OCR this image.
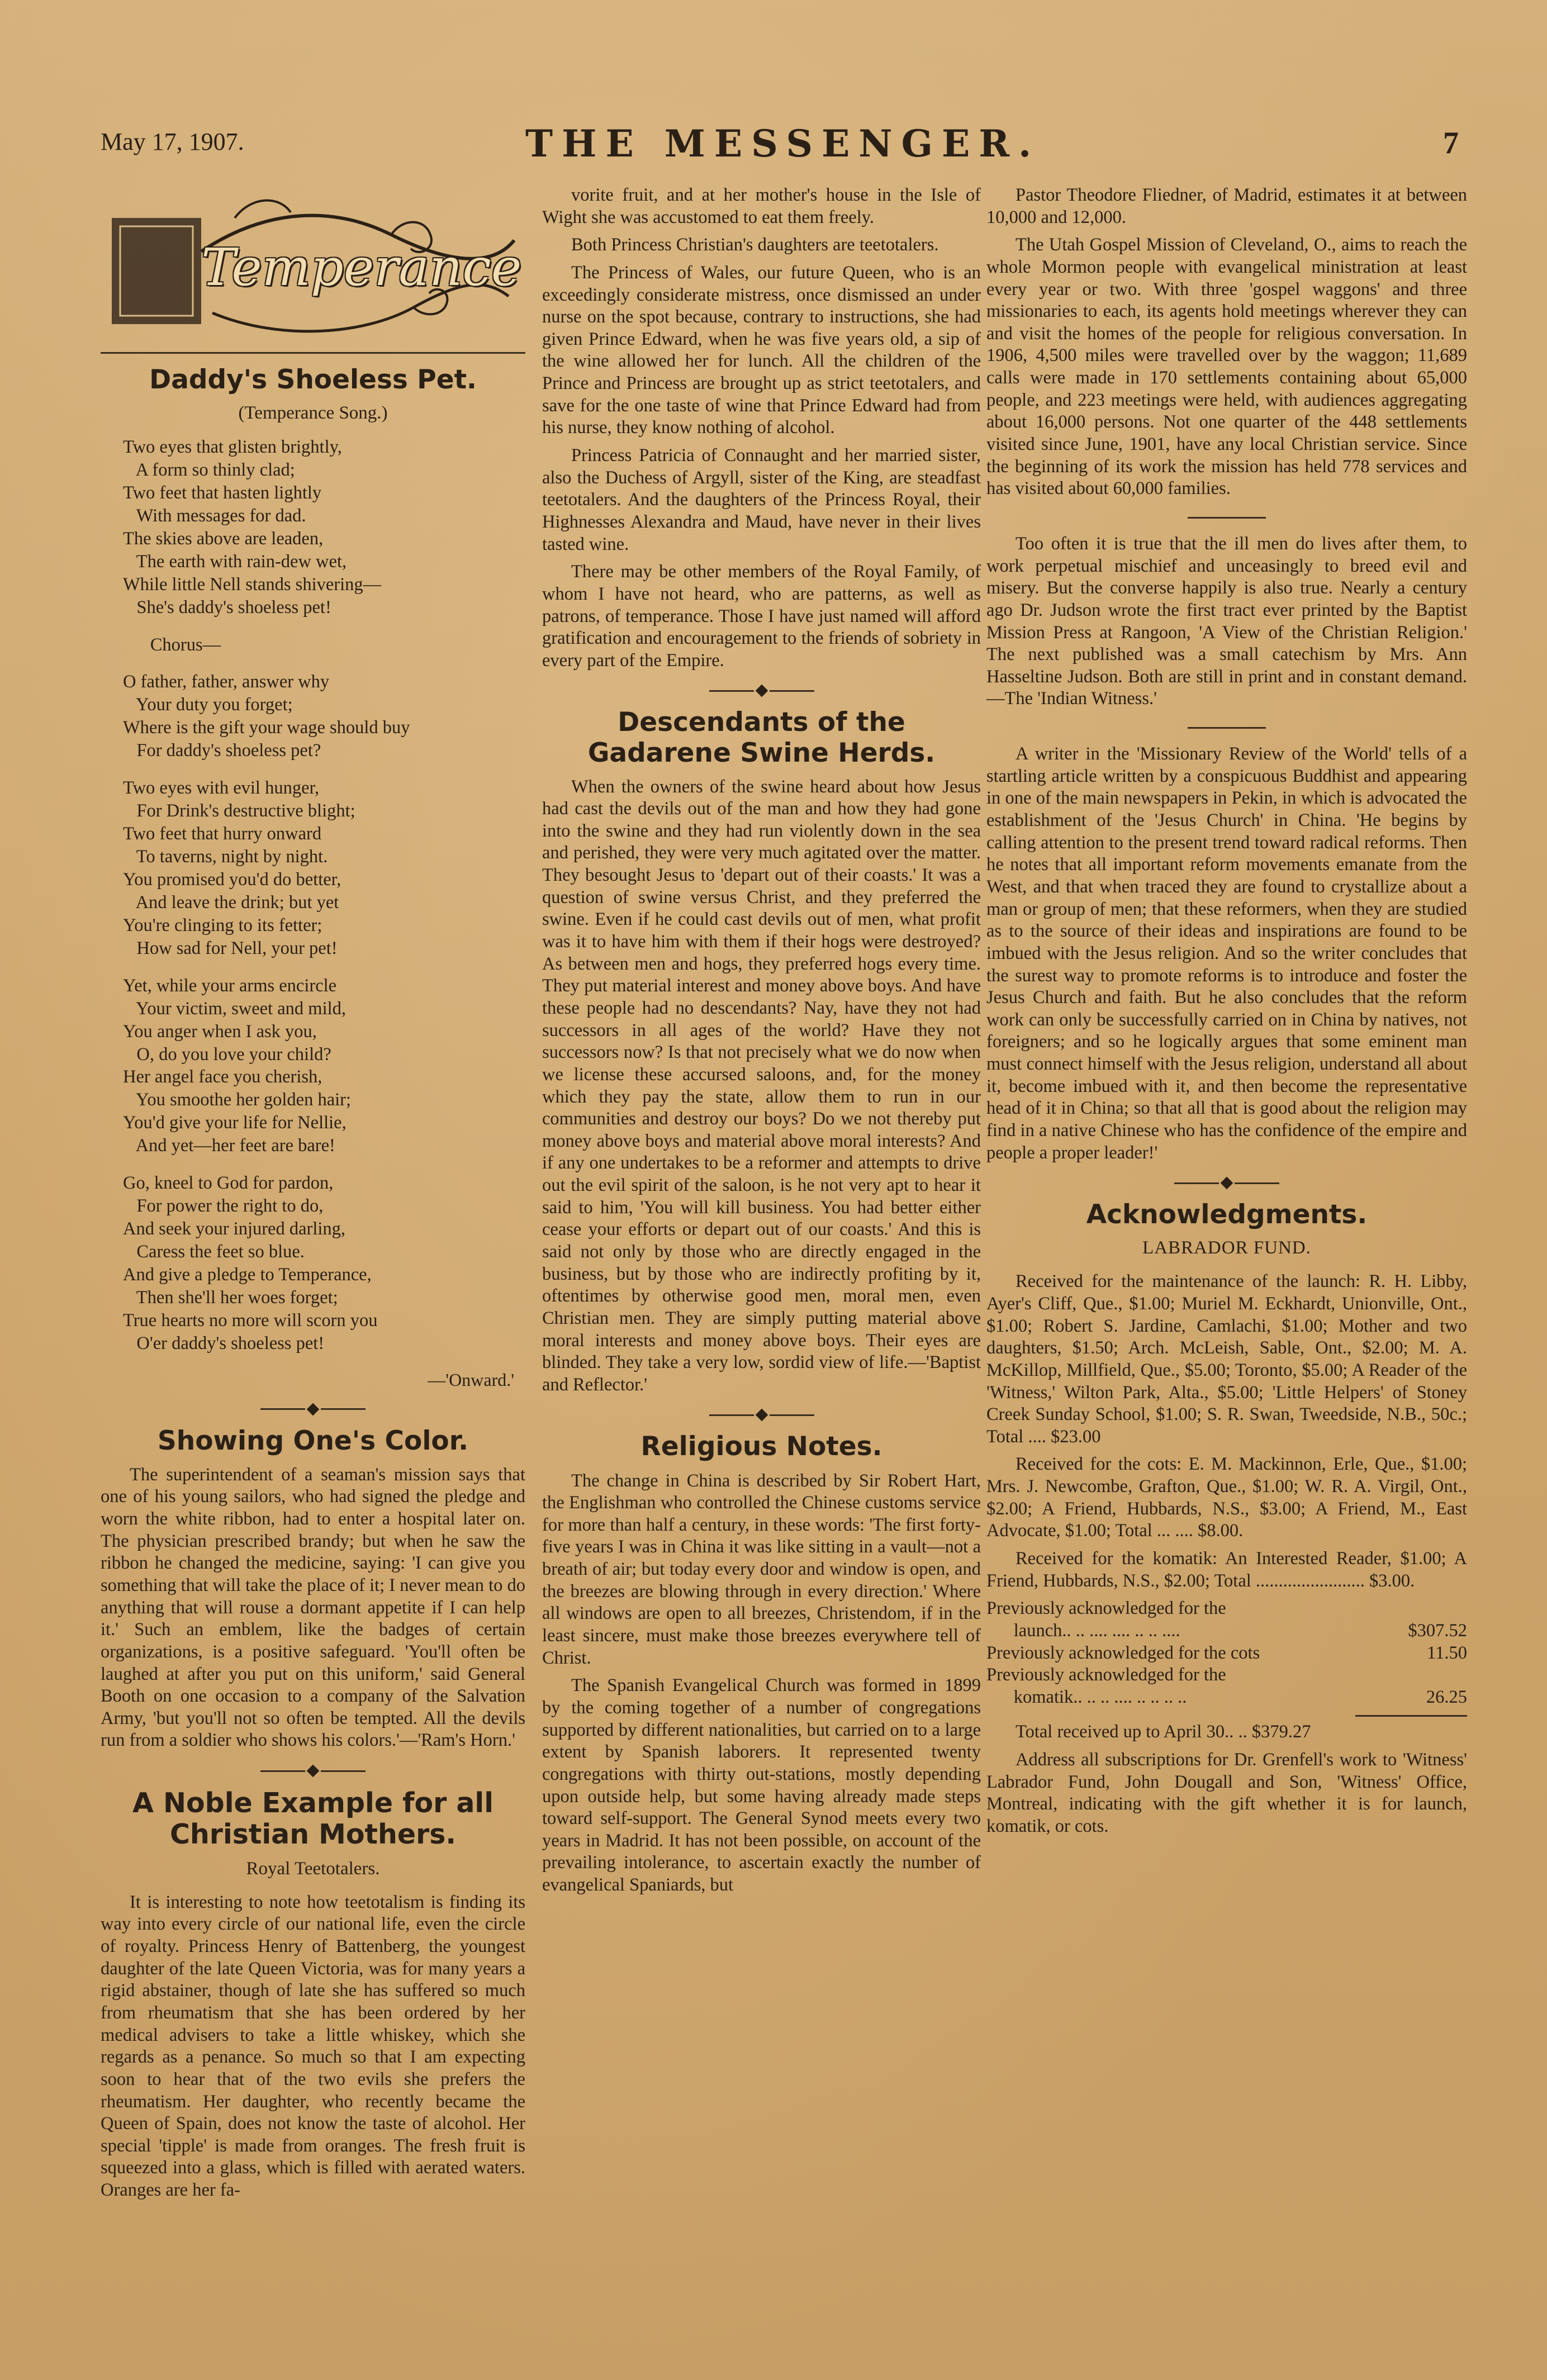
May 17, 1907.	THE MESSENGER.	7
Temperance
Daddy's Shoeless Pet.
(Temperance Song.)
Two eyes that glisten brightly,
A form so thinly clad;
Two feet that hasten lightly
With messages for dad.
The skies above are leaden,
The earth with rain-dew wet,
While little Nell stands shivering—
She's daddy's shoeless pet!
Chorus—
O father, father, answer why
Your duty you forget;
Where is the gift your wage should buy
For daddy's shoeless pet?
Two eyes with evil hunger,
For Drink's destructive blight;
Two feet that hurry onward
To taverns, night by night.
You promised you'd do better,
And leave the drink; but yet
You're clinging to its fetter;
How sad for Nell, your pet!
Yet, while your arms encircle
Your victim, sweet and mild,
You anger when I ask you,
O, do you love your child?
Her angel face you cherish,
You smoothe her golden hair;
You'd give your life for Nellie,
And yet—her feet are bare!
Go, kneel to God for pardon,
For power the right to do,
And seek your injured darling,
Caress the feet so blue.
And give a pledge to Temperance,
Then she'll her woes forget;
True hearts no more will scorn you
O'er daddy's shoeless pet!
—'Onward.'
Showing One's Color.

The superintendent of a seaman's mission says that one of his young sailors, who had signed the pledge and worn the white ribbon, had to enter a hospital later on. The physician prescribed brandy; but when he saw the ribbon he changed the medicine, saying: 'I can give you something that will take the place of it; I never mean to do anything that will rouse a dormant appetite if I can help it.' Such an emblem, like the badges of certain organizations, is a positive safeguard. 'You'll often be laughed at after you put on this uniform,' said General Booth on one occasion to a company of the Salvation Army, 'but you'll not so often be tempted. All the devils run from a soldier who shows his colors.'—'Ram's Horn.'

A Noble Example for all Christian Mothers.
Royal Teetotalers.

It is interesting to note how teetotalism is finding its way into every circle of our national life, even the circle of royalty. Princess Henry of Battenberg, the youngest daughter of the late Queen Victoria, was for many years a rigid abstainer, though of late she has suffered so much from rheumatism that she has been ordered by her medical advisers to take a little whiskey, which she regards as a penance. So much so that I am expecting soon to hear that of the two evils she prefers the rheumatism. Her daughter, who recently became the Queen of Spain, does not know the taste of alcohol. Her special 'tipple' is made from oranges. The fresh fruit is squeezed into a glass, which is filled with aerated waters. Oranges are her fa-

vorite fruit, and at her mother's house in the Isle of Wight she was accustomed to eat them freely.

Both Princess Christian's daughters are teetotalers.

The Princess of Wales, our future Queen, who is an exceedingly considerate mistress, once dismissed an under nurse on the spot because, contrary to instructions, she had given Prince Edward, when he was five years old, a sip of the wine allowed her for lunch. All the children of the Prince and Princess are brought up as strict teetotalers, and save for the one taste of wine that Prince Edward had from his nurse, they know nothing of alcohol.

Princess Patricia of Connaught and her married sister, also the Duchess of Argyll, sister of the King, are steadfast teetotalers. And the daughters of the Princess Royal, their Highnesses Alexandra and Maud, have never in their lives tasted wine.

There may be other members of the Royal Family, of whom I have not heard, who are patterns, as well as patrons, of temperance. Those I have just named will afford gratification and encouragement to the friends of sobriety in every part of the Empire.

Descendants of the Gadarene Swine Herds.

When the owners of the swine heard about how Jesus had cast the devils out of the man and how they had gone into the swine and they had run violently down in the sea and perished, they were very much agitated over the matter. They besought Jesus to 'depart out of their coasts.' It was a question of swine versus Christ, and they preferred the swine. Even if he could cast devils out of men, what profit was it to have him with them if their hogs were destroyed? As between men and hogs, they preferred hogs every time. They put material interest and money above boys. And have these people had no descendants? Nay, have they not had successors in all ages of the world? Have they not successors now? Is that not precisely what we do now when we license these accursed saloons, and, for the money which they pay the state, allow them to run in our communities and destroy our boys? Do we not thereby put money above boys and material above moral interests? And if any one undertakes to be a reformer and attempts to drive out the evil spirit of the saloon, is he not very apt to hear it said to him, 'You will kill business. You had better either cease your efforts or depart out of our coasts.' And this is said not only by those who are directly engaged in the business, but by those who are indirectly profiting by it, oftentimes by otherwise good men, moral men, even Christian men. They are simply putting material above moral interests and money above boys. Their eyes are blinded. They take a very low, sordid view of life.—'Baptist and Reflector.'

Religious Notes.

The change in China is described by Sir Robert Hart, the Englishman who controlled the Chinese customs service for more than half a century, in these words: 'The first forty-five years I was in China it was like sitting in a vault—not a breath of air; but today every door and window is open, and the breezes are blowing through in every direction.' Where all windows are open to all breezes, Christendom, if in the least sincere, must make those breezes everywhere tell of Christ.

The Spanish Evangelical Church was formed in 1899 by the coming together of a number of congregations supported by different nationalities, but carried on to a large extent by Spanish laborers. It represented twenty congregations with thirty out-stations, mostly depending upon outside help, but some having already made steps toward self-support. The General Synod meets every two years in Madrid. It has not been possible, on account of the prevailing intolerance, to ascertain exactly the number of evangelical Spaniards, but

Pastor Theodore Fliedner, of Madrid, estimates it at between 10,000 and 12,000.

The Utah Gospel Mission of Cleveland, O., aims to reach the whole Mormon people with evangelical ministration at least every year or two. With three 'gospel waggons' and three missionaries to each, its agents hold meetings wherever they can and visit the homes of the people for religious conversation. In 1906, 4,500 miles were travelled over by the waggon; 11,689 calls were made in 170 settlements containing about 65,000 people, and 223 meetings were held, with audiences aggregating about 16,000 persons. Not one quarter of the 448 settlements visited since June, 1901, have any local Christian service. Since the beginning of its work the mission has held 778 services and has visited about 60,000 families.

Too often it is true that the ill men do lives after them, to work perpetual mischief and unceasingly to breed evil and misery. But the converse happily is also true. Nearly a century ago Dr. Judson wrote the first tract ever printed by the Baptist Mission Press at Rangoon, 'A View of the Christian Religion.' The next published was a small catechism by Mrs. Ann Hasseltine Judson. Both are still in print and in constant demand. —The 'Indian Witness.'

A writer in the 'Missionary Review of the World' tells of a startling article written by a conspicuous Buddhist and appearing in one of the main newspapers in Pekin, in which is advocated the establishment of the 'Jesus Church' in China. 'He begins by calling attention to the present trend toward radical reforms. Then he notes that all important reform movements emanate from the West, and that when traced they are found to crystallize about a man or group of men; that these reformers, when they are studied as to the source of their ideas and inspirations are found to be imbued with the Jesus religion. And so the writer concludes that the surest way to promote reforms is to introduce and foster the Jesus Church and faith. But he also concludes that the reform work can only be successfully carried on in China by natives, not foreigners; and so he logically argues that some eminent man must connect himself with the Jesus religion, understand all about it, become imbued with it, and then become the representative head of it in China; so that all that is good about the religion may find in a native Chinese who has the confidence of the empire and people a proper leader!'

Acknowledgments.
LABRADOR FUND.

Received for the maintenance of the launch: R. H. Libby, Ayer's Cliff, Que., $1.00; Muriel M. Eckhardt, Unionville, Ont., $1.00; Robert S. Jardine, Camlachi, $1.00; Mother and two daughters, $1.50; Arch. McLeish, Sable, Ont., $2.00; M. A. McKillop, Millfield, Que., $5.00; Toronto, $5.00; A Reader of the 'Witness,' Wilton Park, Alta., $5.00; 'Little Helpers' of Stoney Creek Sunday School, $1.00; S. R. Swan, Tweedside, N.B., 50c.; Total .... $23.00

Received for the cots: E. M. Mackinnon, Erle, Que., $1.00; Mrs. J. Newcombe, Grafton, Que., $1.00; W. R. A. Virgil, Ont., $2.00; A Friend, Hubbards, N.S., $3.00; A Friend, M., East Advocate, $1.00; Total ... .... $8.00.

Received for the komatik: An Interested Reader, $1.00; A Friend, Hubbards, N.S., $2.00; Total ........................ $3.00.

Previously acknowledged for the
launch.. .. .... .... .. .. ....	$307.52
Previously acknowledged for the cots	11.50
Previously acknowledged for the
komatik.. .. .. .... .. .. .. ..	26.25

Total received up to April 30.. .. $379.27

Address all subscriptions for Dr. Grenfell's work to 'Witness' Labrador Fund, John Dougall and Son, 'Witness' Office, Montreal, indicating with the gift whether it is for launch, komatik, or cots.
